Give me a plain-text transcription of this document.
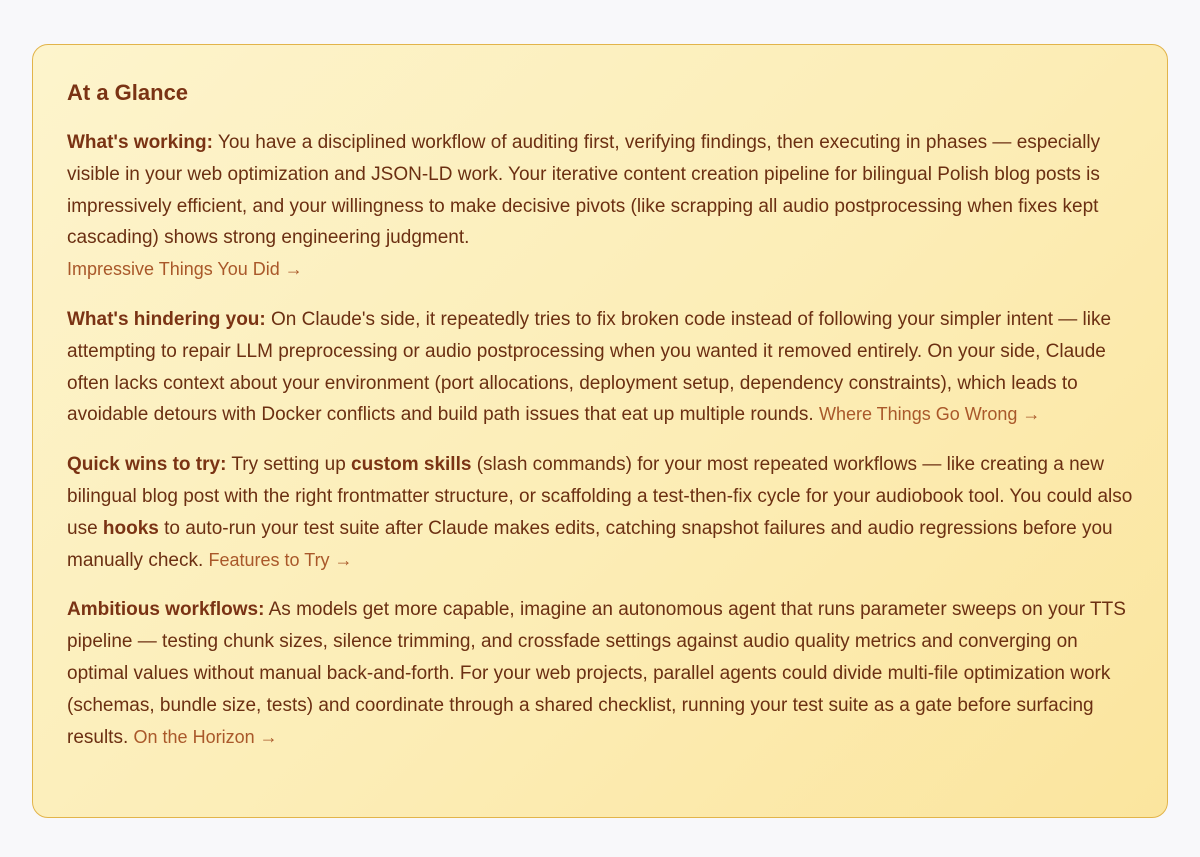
At a Glance

What's working: You have a disciplined workflow of auditing first, verifying findings, then executing in phases — especially visible in your web optimization and JSON-LD work. Your iterative content creation pipeline for bilingual Polish blog posts is impressively efficient, and your willingness to make decisive pivots (like scrapping all audio postprocessing when fixes kept cascading) shows strong engineering judgment.
Impressive Things You Did →

What's hindering you: On Claude's side, it repeatedly tries to fix broken code instead of following your simpler intent — like attempting to repair LLM preprocessing or audio postprocessing when you wanted it removed entirely. On your side, Claude often lacks context about your environment (port allocations, deployment setup, dependency constraints), which leads to avoidable detours with Docker conflicts and build path issues that eat up multiple rounds. Where Things Go Wrong →

Quick wins to try: Try setting up custom skills (slash commands) for your most repeated workflows — like creating a new bilingual blog post with the right frontmatter structure, or scaffolding a test-then-fix cycle for your audiobook tool. You could also use hooks to auto-run your test suite after Claude makes edits, catching snapshot failures and audio regressions before you manually check. Features to Try →

Ambitious workflows: As models get more capable, imagine an autonomous agent that runs parameter sweeps on your TTS pipeline — testing chunk sizes, silence trimming, and crossfade settings against audio quality metrics and converging on optimal values without manual back-and-forth. For your web projects, parallel agents could divide multi-file optimization work (schemas, bundle size, tests) and coordinate through a shared checklist, running your test suite as a gate before surfacing results. On the Horizon →
